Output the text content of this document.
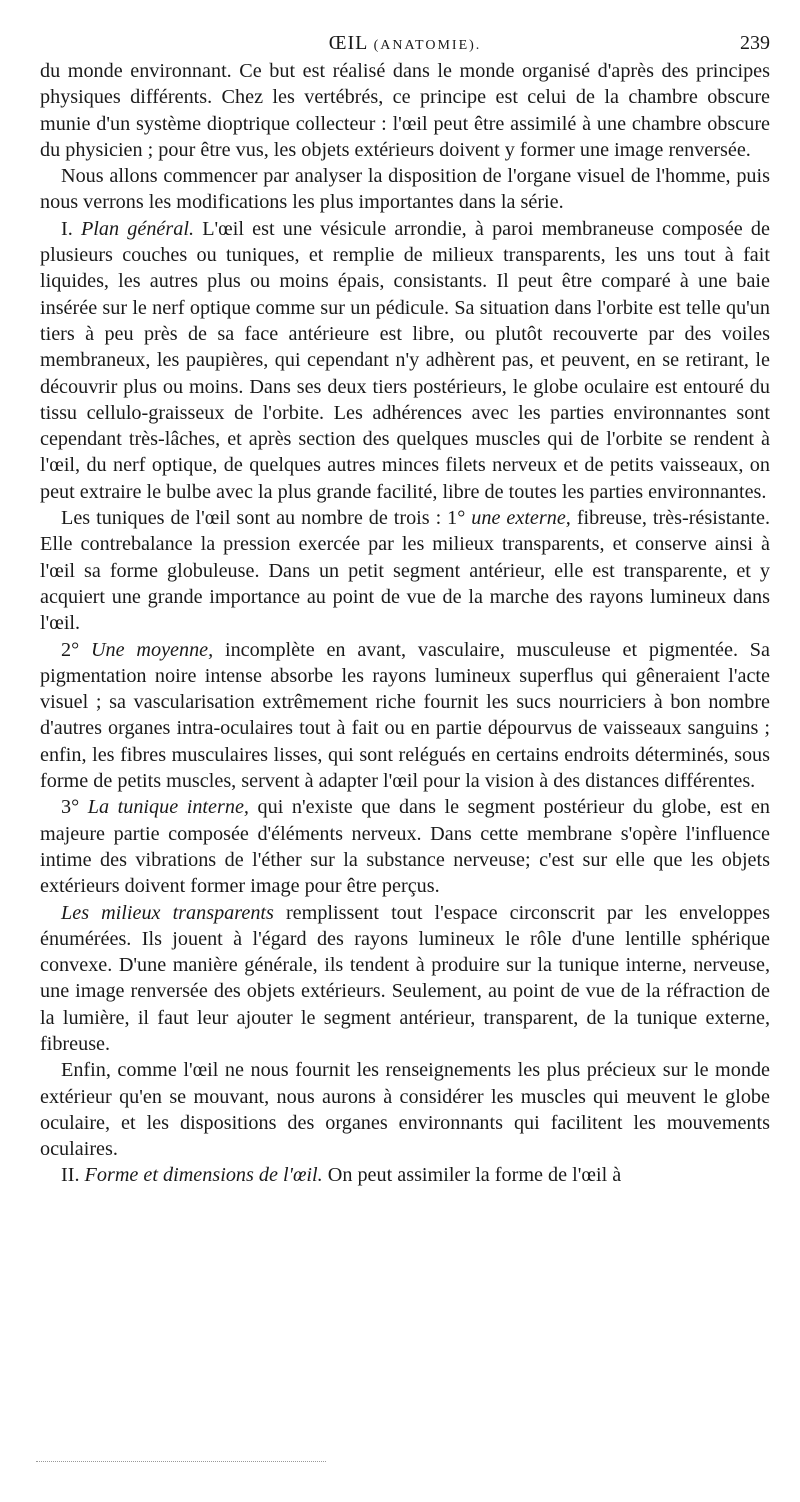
ŒIL (ANATOMIE).	239

du monde environnant. Ce but est réalisé dans le monde organisé d'après des principes physiques différents. Chez les vertébrés, ce principe est celui de la chambre obscure munie d'un système dioptrique collecteur : l'œil peut être assimilé à une chambre obscure du physicien ; pour être vus, les objets extérieurs doivent y former une image renversée.

Nous allons commencer par analyser la disposition de l'organe visuel de l'homme, puis nous verrons les modifications les plus importantes dans la série.

I. Plan général. L'œil est une vésicule arrondie, à paroi membraneuse composée de plusieurs couches ou tuniques, et remplie de milieux transparents, les uns tout à fait liquides, les autres plus ou moins épais, consistants. Il peut être comparé à une baie insérée sur le nerf optique comme sur un pédicule. Sa situation dans l'orbite est telle qu'un tiers à peu près de sa face antérieure est libre, ou plutôt recouverte par des voiles membraneux, les paupières, qui cependant n'y adhèrent pas, et peuvent, en se retirant, le découvrir plus ou moins. Dans ses deux tiers postérieurs, le globe oculaire est entouré du tissu cellulo-graisseux de l'orbite. Les adhérences avec les parties environnantes sont cependant très-lâches, et après section des quelques muscles qui de l'orbite se rendent à l'œil, du nerf optique, de quelques autres minces filets nerveux et de petits vaisseaux, on peut extraire le bulbe avec la plus grande facilité, libre de toutes les parties environnantes.

Les tuniques de l'œil sont au nombre de trois : 1° une externe, fibreuse, très-résistante. Elle contrebalance la pression exercée par les milieux transparents, et conserve ainsi à l'œil sa forme globuleuse. Dans un petit segment antérieur, elle est transparente, et y acquiert une grande importance au point de vue de la marche des rayons lumineux dans l'œil.

2° Une moyenne, incomplète en avant, vasculaire, musculeuse et pigmentée. Sa pigmentation noire intense absorbe les rayons lumineux superflus qui gêneraient l'acte visuel ; sa vascularisation extrêmement riche fournit les sucs nourriciers à bon nombre d'autres organes intra-oculaires tout à fait ou en partie dépourvus de vaisseaux sanguins ; enfin, les fibres musculaires lisses, qui sont relégués en certains endroits déterminés, sous forme de petits muscles, servent à adapter l'œil pour la vision à des distances différentes.

3° La tunique interne, qui n'existe que dans le segment postérieur du globe, est en majeure partie composée d'éléments nerveux. Dans cette membrane s'opère l'influence intime des vibrations de l'éther sur la substance nerveuse; c'est sur elle que les objets extérieurs doivent former image pour être perçus.

Les milieux transparents remplissent tout l'espace circonscrit par les enveloppes énumérées. Ils jouent à l'égard des rayons lumineux le rôle d'une lentille sphérique convexe. D'une manière générale, ils tendent à produire sur la tunique interne, nerveuse, une image renversée des objets extérieurs. Seulement, au point de vue de la réfraction de la lumière, il faut leur ajouter le segment antérieur, transparent, de la tunique externe, fibreuse.

Enfin, comme l'œil ne nous fournit les renseignements les plus précieux sur le monde extérieur qu'en se mouvant, nous aurons à considérer les muscles qui meuvent le globe oculaire, et les dispositions des organes environnants qui facilitent les mouvements oculaires.

II. Forme et dimensions de l'œil. On peut assimiler la forme de l'œil à
